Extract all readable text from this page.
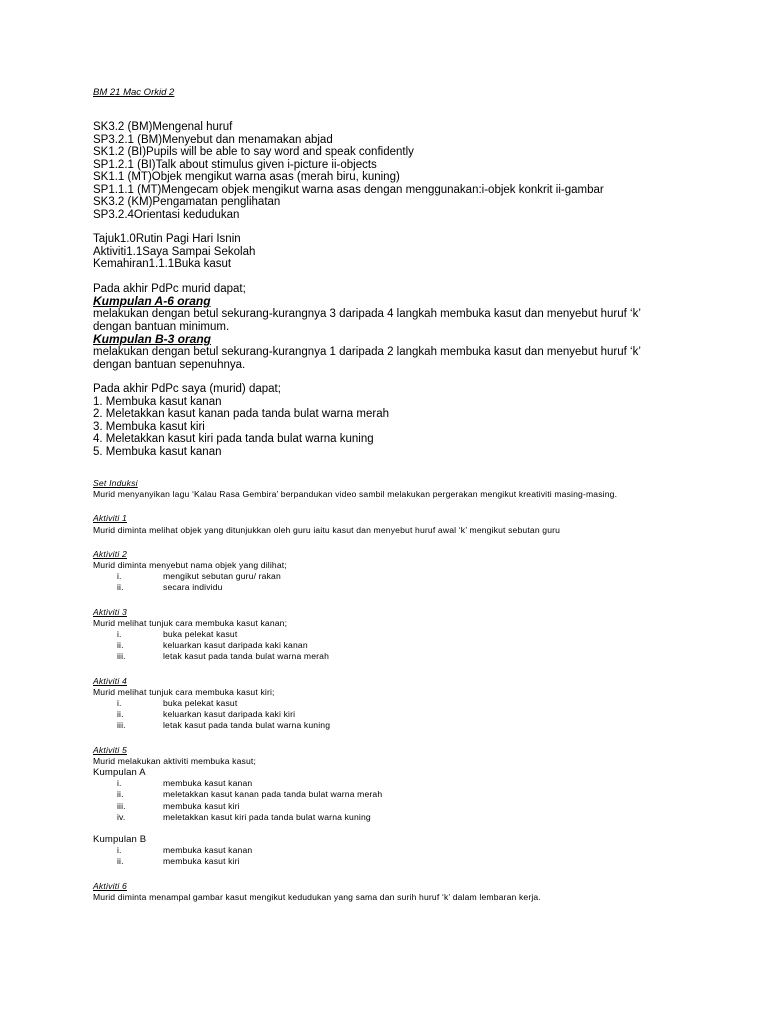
BM 21 Mac Orkid 2
SK3.2 (BM)Mengenal huruf
SP3.2.1 (BM)Menyebut dan menamakan abjad
SK1.2 (BI)Pupils will be able to say word and speak confidently
SP1.2.1 (BI)Talk about stimulus given i-picture ii-objects
SK1.1 (MT)Objek mengikut warna asas (merah biru, kuning)
SP1.1.1 (MT)Mengecam objek mengikut warna asas dengan menggunakan:i-objek konkrit ii-gambar
SK3.2 (KM)Pengamatan penglihatan
SP3.2.4Orientasi kedudukan
Tajuk1.0Rutin Pagi Hari Isnin
Aktiviti1.1Saya Sampai Sekolah
Kemahiran1.1.1Buka kasut
Pada akhir PdPc murid dapat;
Kumpulan A-6 orang
melakukan dengan betul sekurang-kurangnya 3 daripada 4 langkah membuka kasut dan menyebut huruf ‘k’ dengan bantuan minimum.
Kumpulan B-3 orang
melakukan dengan betul sekurang-kurangnya 1 daripada 2 langkah membuka kasut dan menyebut huruf ‘k’ dengan bantuan sepenuhnya.
Pada akhir PdPc saya (murid) dapat;
1. Membuka kasut kanan
2. Meletakkan kasut kanan pada tanda bulat warna merah
3. Membuka kasut kiri
4. Meletakkan kasut kiri pada tanda bulat warna kuning
5. Membuka kasut kanan
Set Induksi
Murid menyanyikan lagu ‘Kalau Rasa Gembira’ berpandukan video sambil melakukan pergerakan mengikut kreativiti masing-masing.
Aktiviti 1
Murid diminta melihat objek yang ditunjukkan oleh guru iaitu kasut dan menyebut huruf awal ‘k’ mengikut sebutan guru
Aktiviti 2
Murid diminta menyebut nama objek yang dilihat;
i.	mengikut sebutan guru/ rakan
ii.	secara individu
Aktiviti 3
Murid melihat tunjuk cara membuka kasut kanan;
i.	buka pelekat kasut
ii.	keluarkan kasut daripada kaki kanan
iii.	letak kasut pada tanda bulat warna merah
Aktiviti 4
Murid melihat tunjuk cara membuka kasut kiri;
i.	buka pelekat kasut
ii.	keluarkan kasut daripada kaki kiri
iii.	letak kasut pada tanda bulat warna kuning
Aktiviti 5
Murid melakukan aktiviti membuka kasut;
Kumpulan A
i.	membuka kasut kanan
ii.	meletakkan kasut kanan pada tanda bulat warna merah
iii.	membuka kasut kiri
iv.	meletakkan kasut kiri pada tanda bulat warna kuning
Kumpulan B
i.	membuka kasut kanan
ii.	membuka kasut kiri
Aktiviti 6
Murid diminta menampal gambar kasut mengikut kedudukan yang sama dan surih huruf ‘k’ dalam lembaran kerja.
